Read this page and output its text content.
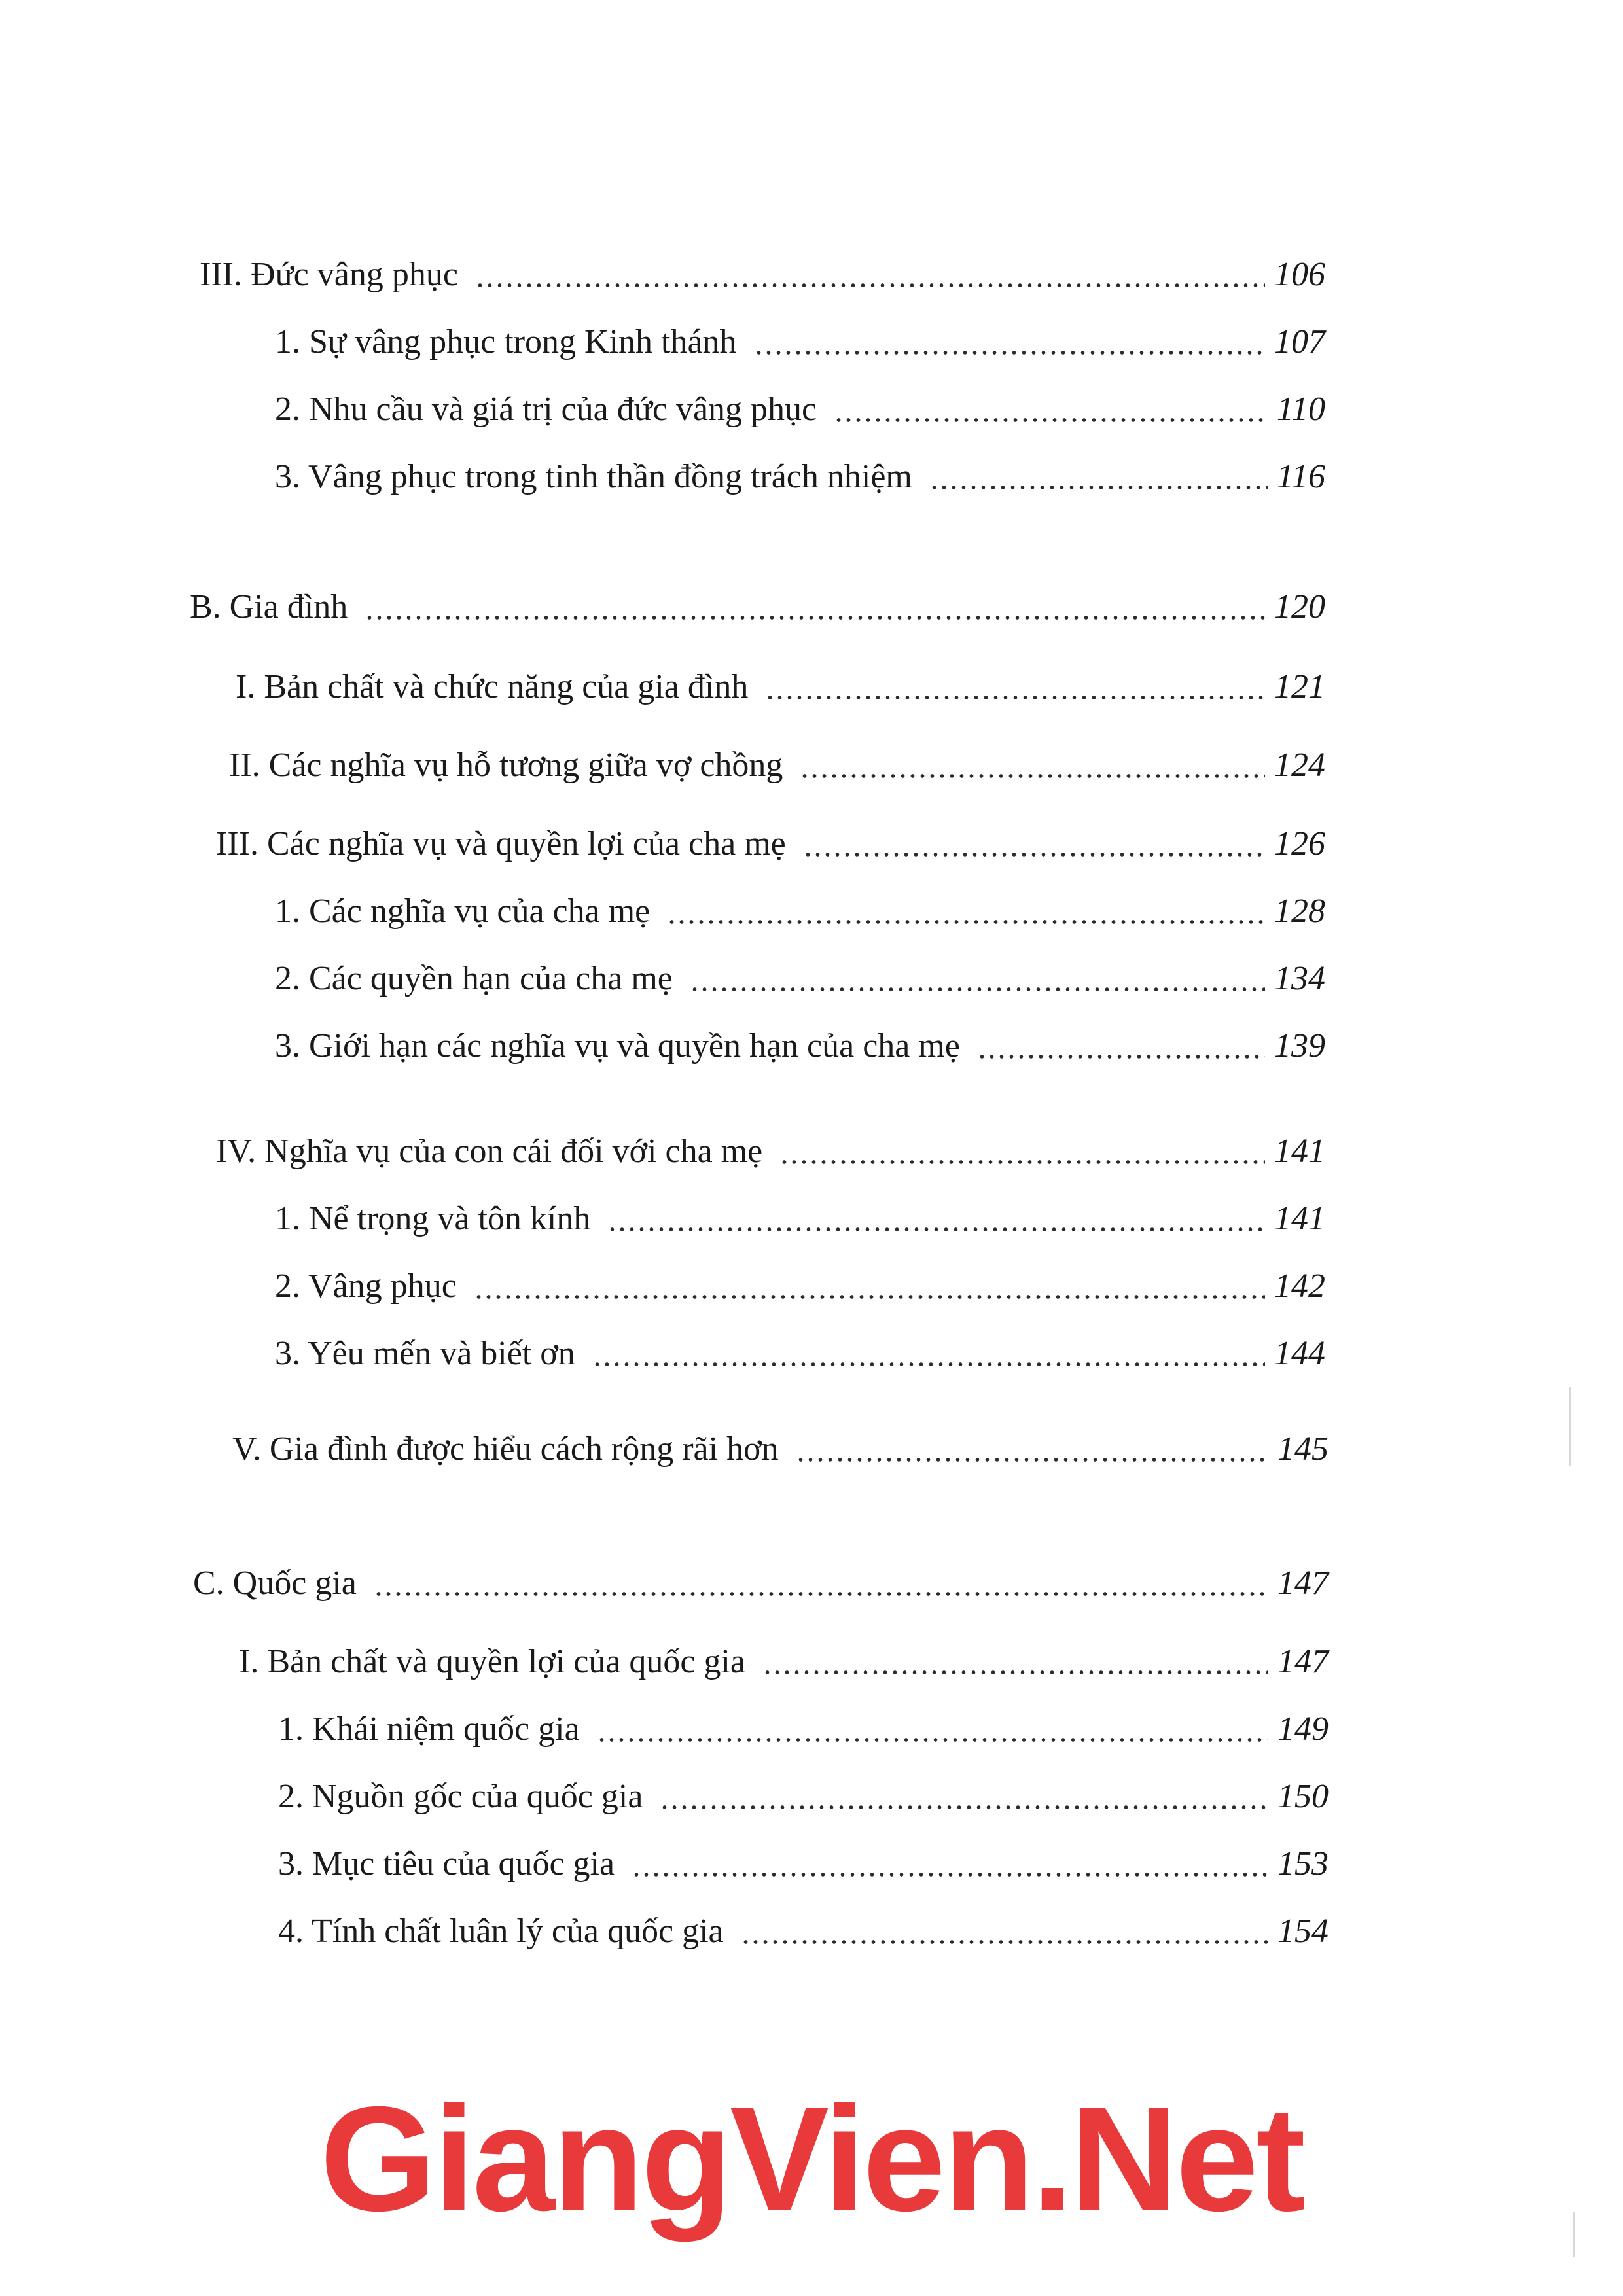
III. Đức vâng phục	106
1. Sự vâng phục trong Kinh thánh	107
2. Nhu cầu và giá trị của đức vâng phục	110
3. Vâng phục trong tinh thần đồng trách nhiệm	116
B. Gia đình	120
I. Bản chất và chức năng của gia đình	121
II. Các nghĩa vụ hỗ tương giữa vợ chồng	124
III. Các nghĩa vụ và quyền lợi của cha mẹ	126
1. Các nghĩa vụ của cha mẹ	128
2. Các quyền hạn của cha mẹ	134
3. Giới hạn các nghĩa vụ và quyền hạn của cha mẹ	139
IV. Nghĩa vụ của con cái đối với cha mẹ	141
1. Nể trọng và tôn kính	141
2. Vâng phục	142
3. Yêu mến và biết ơn	144
V. Gia đình được hiểu cách rộng rãi hơn	145
C. Quốc gia	147
I. Bản chất và quyền lợi của quốc gia	147
1. Khái niệm quốc gia	149
2. Nguồn gốc của quốc gia	150
3. Mục tiêu của quốc gia	153
4. Tính chất luân lý của quốc gia	154
GiangVien.Net
